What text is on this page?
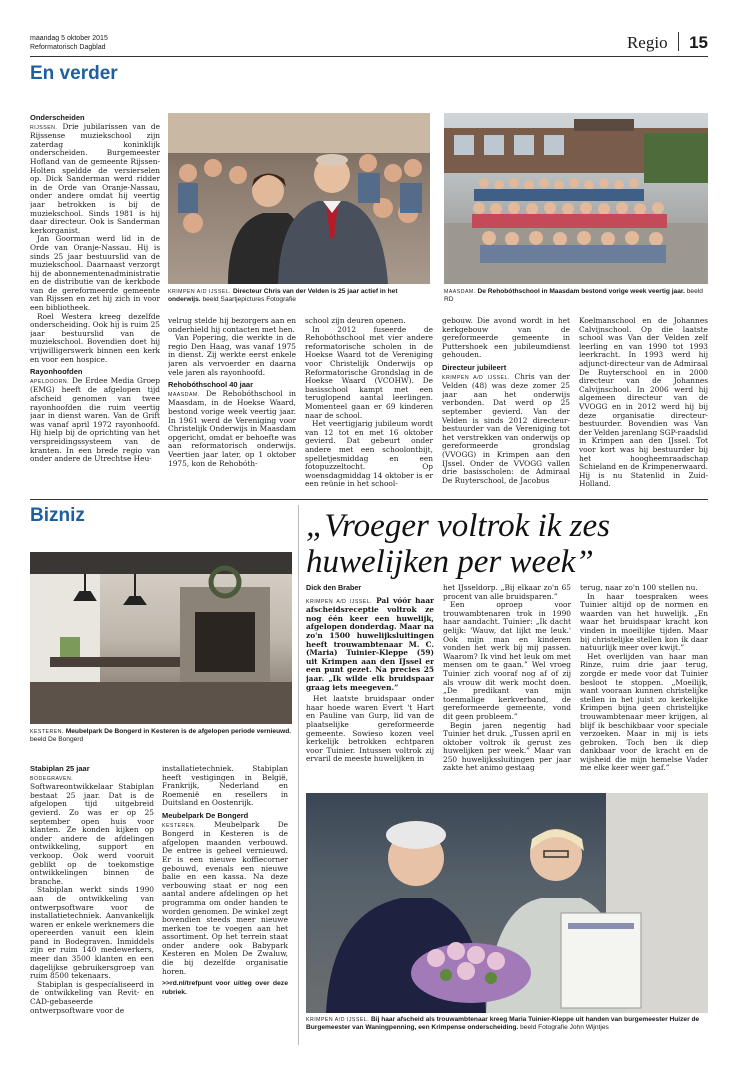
maandag 5 oktober 2015
Reformatorisch Dagblad	Regio 15
En verder

Onderscheiden

RIJSSEN. Drie jubilarissen van de Rijssense muziekschool zijn zaterdag koninklijk onderscheiden. Burgemeester Hofland van de gemeente Rijssen-Holten speldde de versierselen op. Dick Sanderman werd ridder in de Orde van Oranje-Nassau, onder andere omdat hij veertig jaar betrokken is bij de muziekschool. Sinds 1981 is hij daar directeur. Ook is Sanderman kerkorganist.

Jan Goorman werd lid in de Orde van Oranje-Nassau. Hij is sinds 25 jaar bestuurslid van de muziekschool. Daarnaast verzorgt hij de abonnementenadministratie en de distributie van de kerkbode van de gereformeerde gemeente van Rijssen en zet hij zich in voor een bibliotheek.

Roel Westera kreeg dezelfde onderscheiding. Ook hij is ruim 25 jaar bestuurslid van de muziekschool. Bovendien doet hij vrijwilligerswerk binnen een kerk en voor een hospice.

Rayonhoofden

APELDOORN. De Erdee Media Groep (EMG) heeft de afgelopen tijd afscheid genomen van twee rayonhoofden die ruim veertig jaar in dienst waren. Van de Grift was vanaf april 1972 rayonhoofd. Hij hielp bij de oprichting van het verspreidingssysteem van de kranten. In een brede regio van onder andere de Utrechtse Heu-

KRIMPEN A/D IJSSEL. Directeur Chris van der Velden is 25 jaar actief in het onderwijs. beeld Saartjepictures Fotografie
MAASDAM. De Rehobóthschool in Maasdam bestond vorige week veertig jaar. beeld RD

velrug stelde hij bezorgers aan en onderhield hij contacten met hen.

Van Popering, die werkte in de regio Den Haag, was vanaf 1975 in dienst. Zij werkte eerst enkele jaren als vervoerder en daarna vele jaren als rayonhoofd.

Rehobóthschool 40 jaar

MAASDAM. De Rehobóthschool in Maasdam, in de Hoekse Waard, bestond vorige week veertig jaar. In 1961 werd de Vereniging voor Christelijk Onderwijs in Maasdam opgericht, omdat er behoefte was aan reformatorisch onderwijs. Veertien jaar later, op 1 oktober 1975, kon de Rehobóth-

school zijn deuren openen.

In 2012 fuseerde de Rehobóthschool met vier andere reformatorische scholen in de Hoekse Waard tot de Vereniging voor Christelijk Onderwijs op Reformatorische Grondslag in de Hoekse Waard (VCOHW). De basisschool kampt met een teruglopend aantal leerlingen. Momenteel gaan er 69 kinderen naar de school.

Het veertigjarig jubileum wordt van 12 tot en met 16 oktober gevierd. Dat gebeurt onder andere met een schoolontbijt, spelletjesmiddag en een fotopuzzeltocht. Op woensdagmiddag 14 oktober is er een reünie in het school-

gebouw. Die avond wordt in het kerkgebouw van de gereformeerde gemeente in Puttershoek een jubileumdienst gehouden.

Directeur jubileert

KRIMPEN A/D IJSSEL. Chris van der Velden (48) was deze zomer 25 jaar aan het onderwijs verbonden. Dat werd op 25 september gevierd. Van der Velden is sinds 2012 directeur-bestuurder van de Vereniging tot het verstrekken van onderwijs op gereformeerde grondslag (VVOGG) in Krimpen aan den IJssel. Onder de VVOGG vallen drie basisscholen: de Admiraal De Ruyterschool, de Jacobus

Koelmanschool en de Johannes Calvijnschool. Op die laatste school was Van der Velden zelf leerling en van 1990 tot 1993 leerkracht. In 1993 werd hij adjunct-directeur van de Admiraal De Ruyterschool en in 2000 directeur van de Johannes Calvijnschool. In 2006 werd hij algemeen directeur van de VVOGG en in 2012 werd hij bij deze organisatie directeur-bestuurder. Bovendien was Van der Velden jarenlang SGP-raadslid in Krimpen aan den IJssel. Tot voor kort was hij bestuurder bij het hoogheemraadschap Schieland en de Krimpenerwaard. Hij is nu Statenlid in Zuid-Holland.

Bizniz
KESTEREN. Meubelpark De Bongerd in Kesteren is de afgelopen periode vernieuwd. beeld De Bongerd

Stabiplan 25 jaar

BODEGRAVEN. Softwareontwikkelaar Stabiplan bestaat 25 jaar. Dat is de afgelopen tijd uitgebreid gevierd. Zo was er op 25 september open huis voor klanten. Ze konden kijken op onder andere de afdelingen ontwikkeling, support en verkoop. Ook werd vooruit geblikt op de toekomstige ontwikkelingen binnen de branche.

Stabiplan werkt sinds 1990 aan de ontwikkeling van ontwerpsoftware voor de installatietechniek. Aanvankelijk waren er enkele werknemers die opereerden vanuit een klein pand in Bodegraven. Inmiddels zijn er ruim 140 medewerkers, meer dan 3500 klanten en een dagelijkse gebruikersgroep van ruim 8500 tekenaars.

Stabiplan is gespecialiseerd in de ontwikkeling van Revit- en CAD-gebaseerde ontwerpsoftware voor de

installatietechniek. Stabiplan heeft vestigingen in België, Frankrijk, Nederland en Roemenië en resellers in Duitsland en Oostenrijk.

Meubelpark De Bongerd

KESTEREN. Meubelpark De Bongerd in Kesteren is de afgelopen maanden verbouwd. De entree is geheel vernieuwd. Er is een nieuwe koffiecorner gebouwd, evenals een nieuwe balie en een kassa. Na deze verbouwing staat er nog een aantal andere afdelingen op het programma om onder handen te worden genomen. De winkel zegt bovendien steeds meer nieuwe merken toe te voegen aan het assortiment. Op het terrein staat onder andere ook Babypark Kesteren en Molen De Zwaluw, die bij dezelfde organisatie horen.

>>rd.nl/trefpunt voor uitleg over deze rubriek.

„Vroeger voltrok ik zes huwelijken per week”

Dick den Braber

KRIMPEN A/D IJSSEL. Pal vóór haar afscheidsreceptie voltrok ze nog één keer een huwelijk, afgelopen donderdag. Maar na zo'n 1500 huwelijksluitingen heeft trouwambtenaar M. C. (Maria) Tuinier-Kleppe (59) uit Krimpen aan den IJssel er een punt gezet. Na precies 25 jaar. „Ik wilde elk bruidspaar graag iets meegeven.”

Het laatste bruidspaar onder haar hoede waren Evert 't Hart en Pauline van Gurp, lid van de plaatselijke gereformeerde gemeente. Sowieso kozen veel kerkelijk betrokken echtparen voor Tuinier. Intussen voltrok zij ervaril de meeste huwelijken in

het IJsseldorp. „Bij elkaar zo'n 65 procent van alle bruidsparen.”

Een oproep voor trouwambtenaren trok in 1990 haar aandacht. Tuinier: „Ik dacht gelijk: 'Wauw, dat lijkt me leuk.' Ook mijn man en kinderen vonden het werk bij mij passen. Waarom? Ik vind het leuk om met mensen om te gaan.” Wel vroeg Tuinier zich vooraf nog af of zij als vrouw dit werk mocht doen. „De predikant van mijn toenmalige kerkverband, de gereformeerde gemeente, vond dit geen probleem.”

Begin jaren negentig had Tuinier het druk. „Tussen april en oktober voltrok ik gerust zes huwelijken per week.” Maar van 250 huwelijkssluitingen per jaar zakte het animo gestaag

terug, naar zo'n 100 stellen nu.

In haar toespraken wees Tuinier altijd op de normen en waarden van het huwelijk. „En waar het bruidspaar kracht kon vinden in moeilijke tijden. Maar bij christelijke stellen kon ik daar natuurlijk meer over kwijt.”

Het overlijden van haar man Rinze, ruim drie jaar terug, zorgde er mede voor dat Tuinier besloot te stoppen. „Moeilijk, want vooraan kunnen christelijke stellen in het juist zo kerkelijke Krimpen bijna geen christelijke trouwambtenaar meer krijgen, al blijf ik beschikbaar voor speciale verzoeken. Maar in mij is iets gebroken. Toch ben ik diep dankbaar voor de kracht en de wijsheid die mijn hemelse Vader me elke keer weer gaf.”

KRIMPEN A/D IJSSEL. Bij haar afscheid als trouwambtenaar kreeg Maria Tuinier-Kleppe uit handen van burgemeester Huizer de Burgemeester van Waningpenning, een Krimpense onderscheiding. beeld Fotografie John Wijntjes
